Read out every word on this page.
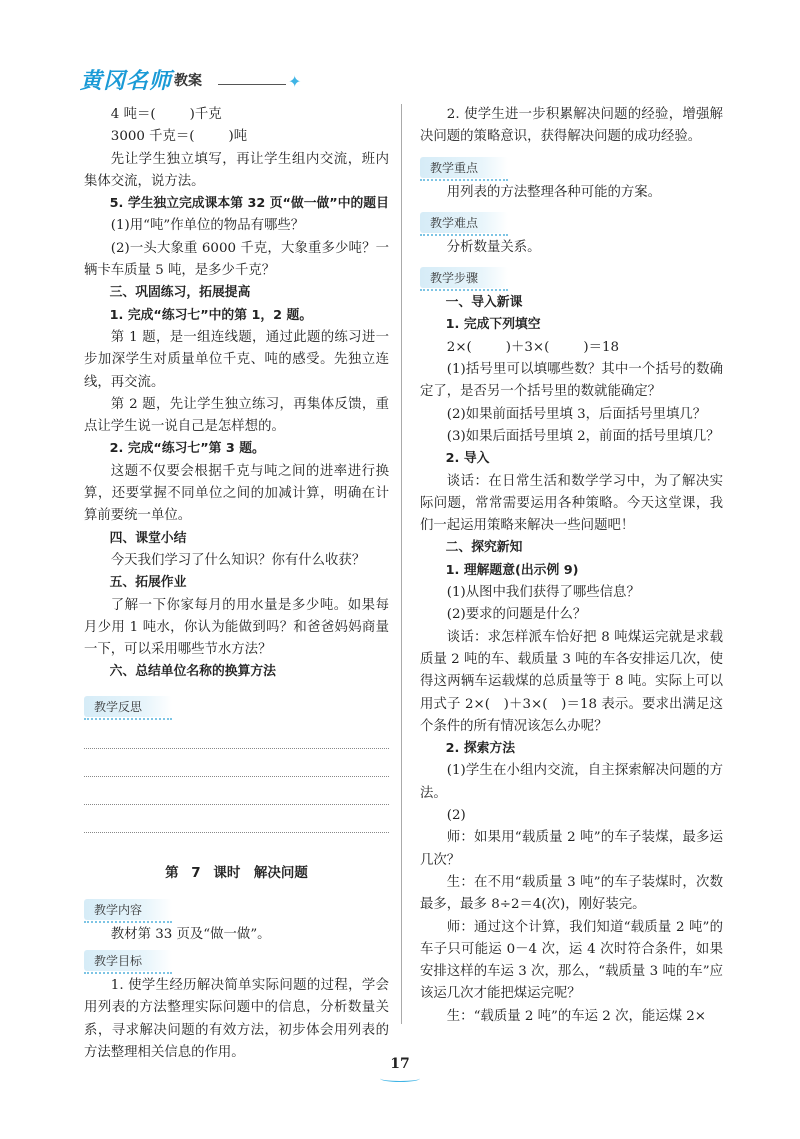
黄冈名师 教案	✦

4 吨＝(	)千克

3000 千克＝(	)吨

先让学生独立填写，再让学生组内交流，班内集体交流，说方法。

5. 学生独立完成课本第 32 页“做一做”中的题目

(1)用“吨”作单位的物品有哪些？

(2)一头大象重 6000 千克，大象重多少吨？一辆卡车质量 5 吨，是多少千克？

三、巩固练习，拓展提高

1. 完成“练习七”中的第 1，2 题。

第 1 题，是一组连线题，通过此题的练习进一步加深学生对质量单位千克、吨的感受。先独立连线，再交流。

第 2 题，先让学生独立练习，再集体反馈，重点让学生说一说自己是怎样想的。

2. 完成“练习七”第 3 题。

这题不仅要会根据千克与吨之间的进率进行换算，还要掌握不同单位之间的加减计算，明确在计算前要统一单位。

四、课堂小结

今天我们学习了什么知识？你有什么收获？

五、拓展作业

了解一下你家每月的用水量是多少吨。如果每月少用 1 吨水，你认为能做到吗？和爸爸妈妈商量一下，可以采用哪些节水方法？

六、总结单位名称的换算方法

教学反思
第 7 课时　解决问题
教学内容

教材第 33 页及“做一做”。

教学目标

1. 使学生经历解决简单实际问题的过程，学会用列表的方法整理实际问题中的信息，分析数量关系，寻求解决问题的有效方法，初步体会用列表的方法整理相关信息的作用。

2. 使学生进一步积累解决问题的经验，增强解决问题的策略意识，获得解决问题的成功经验。

教学重点

用列表的方法整理各种可能的方案。

教学难点

分析数量关系。

教学步骤

一、导入新课

1. 完成下列填空

2×(	)＋3×(	)＝18

(1)括号里可以填哪些数？其中一个括号的数确定了，是否另一个括号里的数就能确定？

(2)如果前面括号里填 3，后面括号里填几？

(3)如果后面括号里填 2，前面的括号里填几？

2. 导入

谈话：在日常生活和数学学习中，为了解决实际问题，常常需要运用各种策略。今天这堂课，我们一起运用策略来解决一些问题吧！

二、探究新知

1. 理解题意(出示例 9)

(1)从图中我们获得了哪些信息？

(2)要求的问题是什么？

谈话：求怎样派车恰好把 8 吨煤运完就是求载质量 2 吨的车、载质量 3 吨的车各安排运几次，使得这两辆车运载煤的总质量等于 8 吨。实际上可以用式子 2×(　)＋3×(　)＝18 表示。要求出满足这个条件的所有情况该怎么办呢？

2. 探索方法

(1)学生在小组内交流，自主探索解决问题的方法。

(2)

师：如果用“载质量 2 吨”的车子装煤，最多运几次？

生：在不用“载质量 3 吨”的车子装煤时，次数最多，最多 8÷2＝4(次)，刚好装完。

师：通过这个计算，我们知道“载质量 2 吨”的车子只可能运 0－4 次，运 4 次时符合条件，如果安排这样的车运 3 次，那么，“载质量 3 吨的车”应该运几次才能把煤运完呢？

生：“载质量 2 吨”的车运 2 次，能运煤 2×

17
